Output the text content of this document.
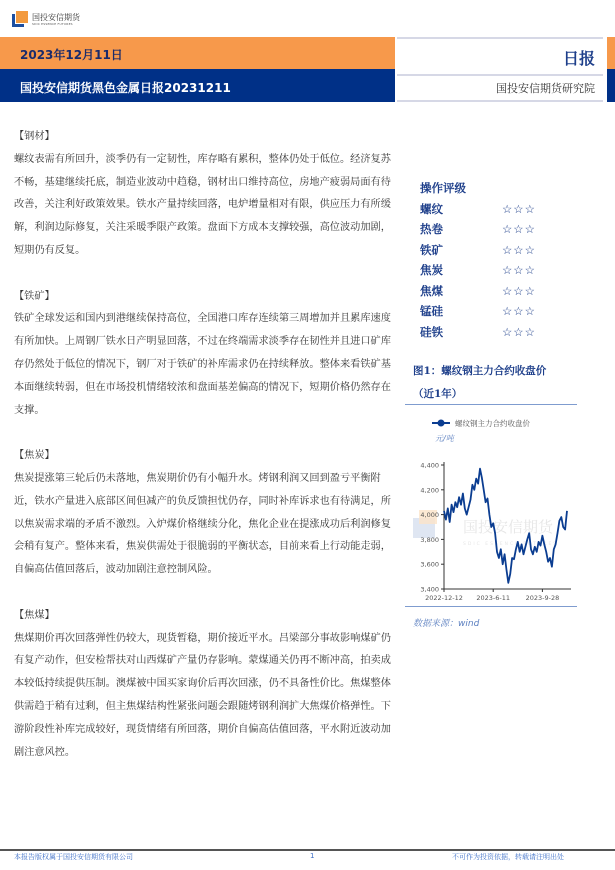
国投安信期货
SDIC ESSENCE FUTURES
2023年12月11日
国投安信期货黑色金属日报20231211
日报
国投安信期货研究院
【钢材】
螺纹表需有所回升，淡季仍有一定韧性，库存略有累积，整体仍处于低位。经济复苏不畅，基建继续托底，制造业波动中趋稳，钢材出口维持高位，房地产疲弱局面有待改善，关注利好政策效果。铁水产量持续回落，电炉增量相对有限，供应压力有所缓解，利润边际修复，关注采暖季限产政策。盘面下方成本支撑较强，高位波动加剧，短期仍有反复。
【铁矿】
铁矿全球发运和国内到港继续保持高位，全国港口库存连续第三周增加并且累库速度有所加快。上周钢厂铁水日产明显回落，不过在终端需求淡季存在韧性并且进口矿库存仍然处于低位的情况下，钢厂对于铁矿的补库需求仍在持续释放。整体来看铁矿基本面继续转弱，但在市场投机情绪较浓和盘面基差偏高的情况下，短期价格仍然存在支撑。
【焦炭】
焦炭提涨第三轮后仍未落地，焦炭期价仍有小幅升水。烤钢利润又回到盈亏平衡附近，铁水产量进入底部区间但减产的负反馈担忧仍存，同时补库诉求也有待满足，所以焦炭需求端的矛盾不激烈。入炉煤价格继续分化，焦化企业在提涨成功后利润修复会稍有复产。整体来看，焦炭供需处于很脆弱的平衡状态，目前来看上行动能走弱，自偏高估值回落后，波动加剧注意控制风险。
【焦煤】
焦煤期价再次回落弹性仍较大，现货暂稳，期价接近平水。吕梁部分事故影响煤矿仍有复产动作，但安检帮扶对山西煤矿产量仍存影响。蒙煤通关仍再不断冲高，拍卖成本较低持续提供压制。澳煤被中国买家询价后再次回涨，仍不具备性价比。焦煤整体供需趋于稍有过剩，但主焦煤结构性紧张问题会跟随烤钢利润扩大焦煤价格弹性。下游阶段性补库完成较好，现货情绪有所回落，期价自偏高估值回落，平水附近波动加剧注意风控。
操作评级
螺纹	☆☆☆
热卷	☆☆☆
铁矿	☆☆☆
焦炭	☆☆☆
焦煤	☆☆☆
锰硅	☆☆☆
硅铁	☆☆☆
图1：螺纹钢主力合约收盘价
（近1年）
国投安信期货
SDIC ESSENCE FUTURES
螺纹钢主力合约收盘价
元/吨
3,400
3,600
3,800
4,000
4,200
4,400
2022-12-12 2023-6-11 2023-9-28
数据来源：wind
本报告版权属于国投安信期货有限公司	1	不可作为投资依据，转载请注明出处
